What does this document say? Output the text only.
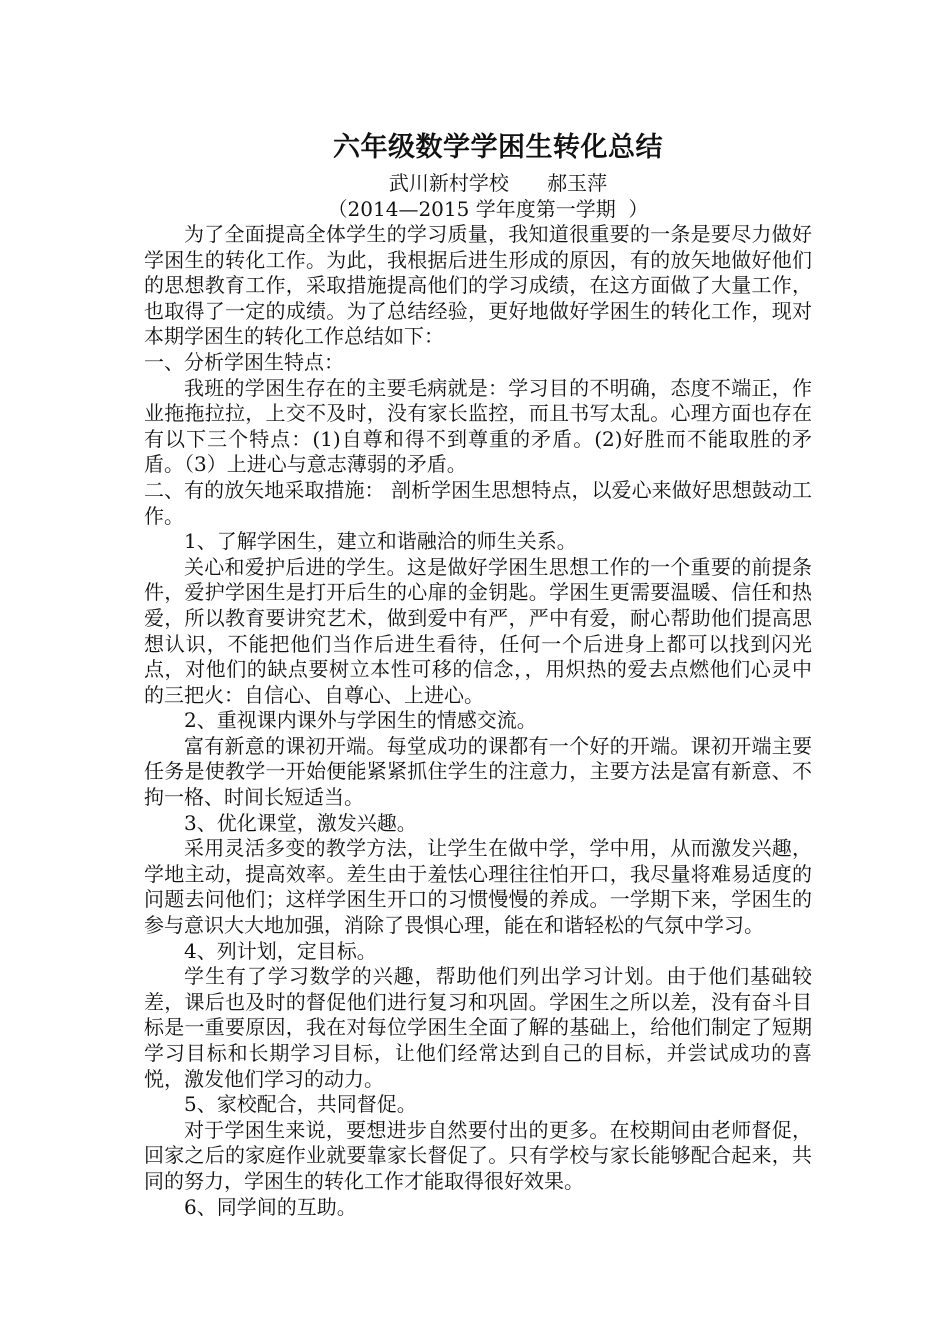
六年级数学学困生转化总结

武川新村学校      郝玉萍

（2014—2015 学年度第一学期  ）

为了全面提高全体学生的学习质量，我知道很重要的一条是要尽力做好学困生的转化工作。为此，我根据后进生形成的原因，有的放矢地做好他们的思想教育工作，采取措施提高他们的学习成绩，在这方面做了大量工作，也取得了一定的成绩。为了总结经验，更好地做好学困生的转化工作，现对本期学困生的转化工作总结如下：

一、分析学困生特点：

我班的学困生存在的主要毛病就是：学习目的不明确，态度不端正，作业拖拖拉拉，上交不及时，没有家长监控，而且书写太乱。心理方面也存在有以下三个特点：(1)自尊和得不到尊重的矛盾。(2)好胜而不能取胜的矛盾。（3）上进心与意志薄弱的矛盾。

二、有的放矢地采取措施： 剖析学困生思想特点，以爱心来做好思想鼓动工作。

1、了解学困生，建立和谐融洽的师生关系。

关心和爱护后进的学生。这是做好学困生思想工作的一个重要的前提条件，爱护学困生是打开后生的心扉的金钥匙。学困生更需要温暖、信任和热爱，所以教育要讲究艺术，做到爱中有严，严中有爱，耐心帮助他们提高思想认识，不能把他们当作后进生看待，任何一个后进身上都可以找到闪光点，对他们的缺点要树立本性可移的信念，，用炽热的爱去点燃他们心灵中的三把火：自信心、自尊心、上进心。

2、重视课内课外与学困生的情感交流。

富有新意的课初开端。每堂成功的课都有一个好的开端。课初开端主要任务是使教学一开始便能紧紧抓住学生的注意力，主要方法是富有新意、不拘一格、时间长短适当。

3、优化课堂，激发兴趣。

采用灵活多变的教学方法，让学生在做中学，学中用，从而激发兴趣，学地主动，提高效率。差生由于羞怯心理往往怕开口，我尽量将难易适度的问题去问他们；这样学困生开口的习惯慢慢的养成。一学期下来，学困生的参与意识大大地加强，消除了畏惧心理，能在和谐轻松的气氛中学习。

4、列计划，定目标。

学生有了学习数学的兴趣，帮助他们列出学习计划。由于他们基础较差，课后也及时的督促他们进行复习和巩固。学困生之所以差，没有奋斗目标是一重要原因，我在对每位学困生全面了解的基础上，给他们制定了短期学习目标和长期学习目标，让他们经常达到自己的目标，并尝试成功的喜悦，激发他们学习的动力。

5、家校配合，共同督促。

对于学困生来说，要想进步自然要付出的更多。在校期间由老师督促，回家之后的家庭作业就要靠家长督促了。只有学校与家长能够配合起来，共同的努力，学困生的转化工作才能取得很好效果。

6、同学间的互助。
